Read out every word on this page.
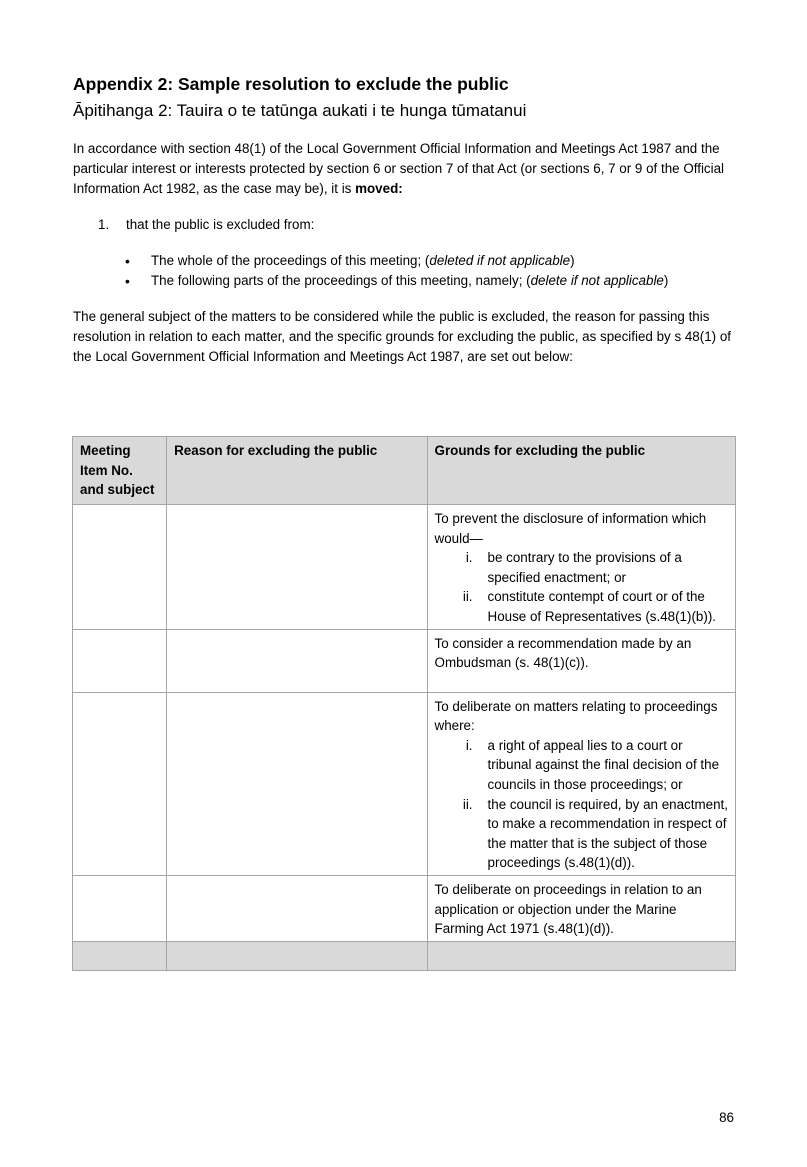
Appendix 2: Sample resolution to exclude the public
Āpitihanga 2: Tauira o te tatūnga aukati i te hunga tūmatanui

In accordance with section 48(1) of the Local Government Official Information and Meetings Act 1987 and the particular interest or interests protected by section 6 or section 7 of that Act (or sections 6, 7 or 9 of the Official Information Act 1982, as the case may be), it is moved:

1. that the public is excluded from:
• The whole of the proceedings of this meeting; (deleted if not applicable)
• The following parts of the proceedings of this meeting, namely; (delete if not applicable)

The general subject of the matters to be considered while the public is excluded, the reason for passing this resolution in relation to each matter, and the specific grounds for excluding the public, as specified by s 48(1) of the Local Government Official Information and Meetings Act 1987, are set out below:

Meeting Item No. and subject	Reason for excluding the public	Grounds for excluding the public

		To prevent the disclosure of information which would—
i. be contrary to the provisions of a specified enactment; or
ii. constitute contempt of court or of the House of Representatives (s.48(1)(b)).

		To consider a recommendation made by an Ombudsman (s. 48(1)(c)).

		To deliberate on matters relating to proceedings where:
i. a right of appeal lies to a court or tribunal against the final decision of the councils in those proceedings; or
ii. the council is required, by an enactment, to make a recommendation in respect of the matter that is the subject of those proceedings (s.48(1)(d)).

		To deliberate on proceedings in relation to an application or objection under the Marine Farming Act 1971 (s.48(1)(d)).

86
